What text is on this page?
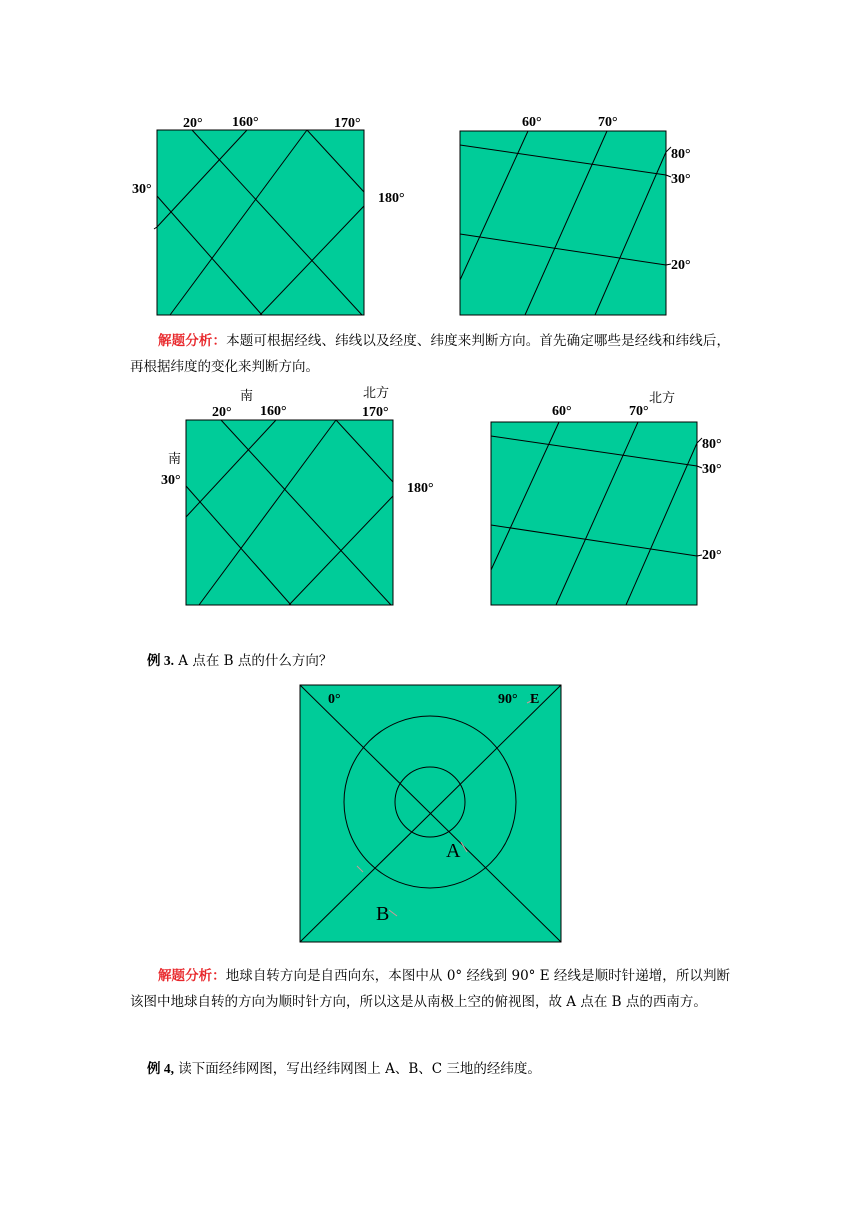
20° 160°	170°
30°
180°
60°	70°
80°
30°
20°

解题分析：本题可根据经线、纬线以及经度、纬度来判断方向。首先确定哪些是经线和纬线后，再根据纬度的变化来判断方向。

南
20° 160°
北方
170°
南
30°
180°
60°	70°
北方
80°
30°
20°

例 3. A 点在 B 点的什么方向？

0°	90° E
A
B

解题分析：地球自转方向是自西向东，本图中从 0° 经线到 90° E 经线是顺时针递增，所以判断该图中地球自转的方向为顺时针方向，所以这是从南极上空的俯视图，故 A 点在 B 点的西南方。

例 4, 读下面经纬网图，写出经纬网图上 A、B、C 三地的经纬度。
